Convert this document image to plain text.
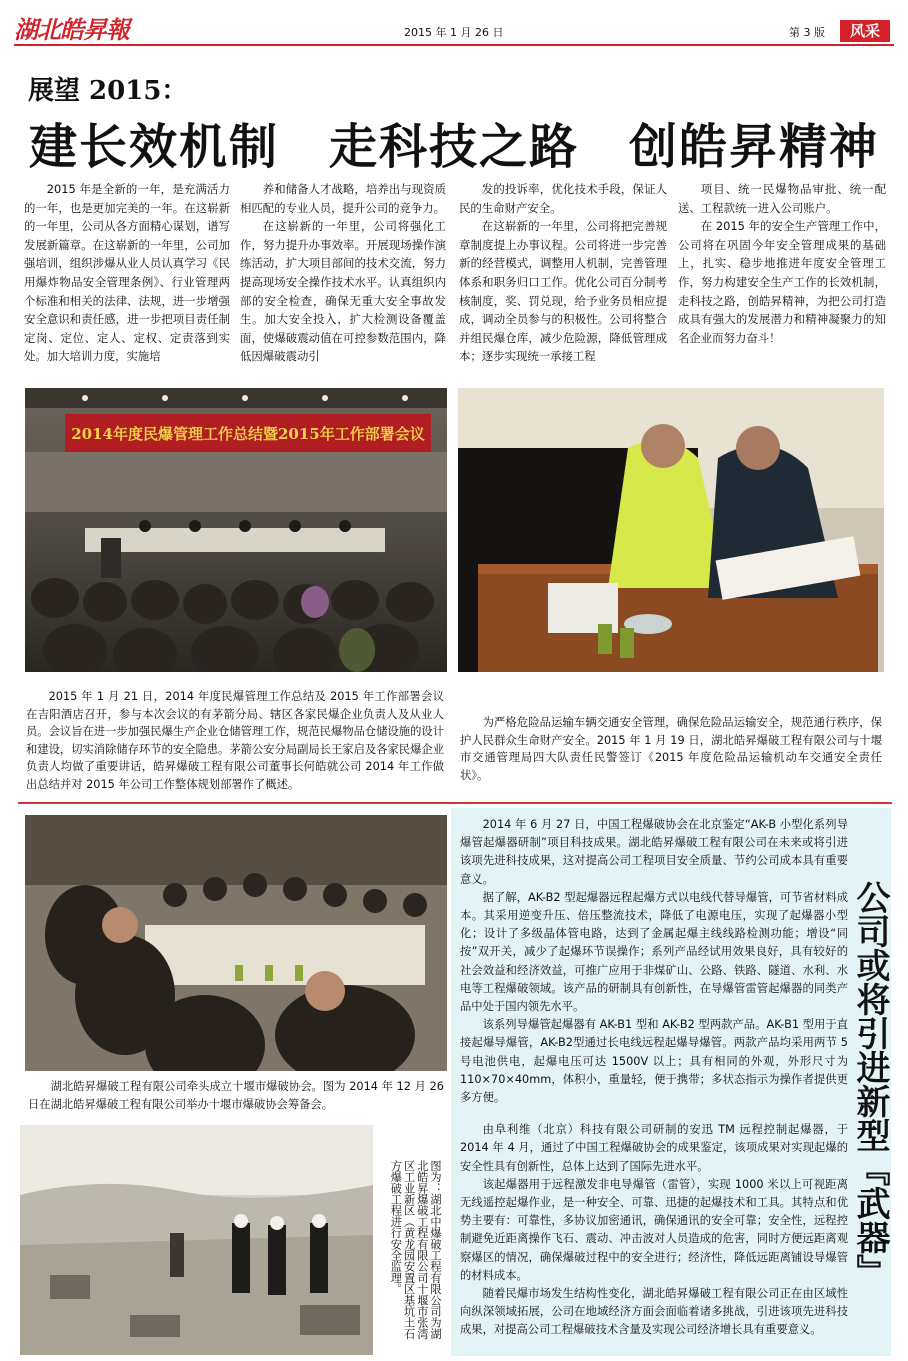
湖北皓昇報	2015 年 1 月 26 日	第 3 版	风采
展望 2015：
建长效机制　走科技之路　创皓昇精神

2015 年是全新的一年，是充满活力的一年，也是更加完美的一年。在这崭新的一年里，公司从各方面精心谋划，谱写发展新篇章。在这崭新的一年里，公司加强培训，组织涉爆从业人员认真学习《民用爆炸物品安全管理条例》、行业管理两个标准和相关的法律、法规，进一步增强安全意识和责任感，进一步把项目责任制定岗、定位、定人、定权、定责落到实处。加大培训力度，实施培

养和储备人才战略，培养出与现资质相匹配的专业人员，提升公司的竞争力。

在这崭新的一年里，公司将强化工作，努力提升办事效率。开展现场操作演练活动，扩大项目部间的技术交流，努力提高现场安全操作技术水平。认真组织内部的安全检查，确保无重大安全事故发生。加大安全投入，扩大检测设备覆盖面，使爆破震动值在可控参数范围内，降低因爆破震动引

发的投诉率，优化技术手段，保证人民的生命财产安全。

在这崭新的一年里，公司将把完善规章制度提上办事议程。公司将进一步完善新的经营模式，调整用人机制，完善管理体系和职务归口工作。优化公司百分制考核制度，奖、罚兑现，给予业务员相应提成，调动全员参与的积极性。公司将整合并组民爆仓库，减少危险源，降低管理成本；逐步实现统一承接工程

项目、统一民爆物品审批、统一配送、工程款统一进入公司账户。

在 2015 年的安全生产管理工作中，公司将在巩固今年安全管理成果的基础上，扎实、稳步地推进年度安全管理工作，努力构建安全生产工作的长效机制，走科技之路，创皓昇精神，为把公司打造成具有强大的发展潜力和精神凝聚力的知名企业而努力奋斗！

2014年度民爆管理工作总结暨2015年工作部署会议

2015 年 1 月 21 日，2014 年度民爆管理工作总结及 2015 年工作部署会议在吉阳酒店召开，参与本次会议的有茅箭分局、辖区各家民爆企业负责人及从业人员。会议旨在进一步加强民爆生产企业仓储管理工作，规范民爆物品仓储设施的设计和建设，切实消除储存环节的安全隐患。茅箭公安分局副局长王家启及各家民爆企业负责人均做了重要讲话，皓昇爆破工程有限公司董事长何皓就公司 2014 年工作做出总结并对 2015 年公司工作整体规划部署作了概述。

为严格危险品运输车辆交通安全管理，确保危险品运输安全，规范通行秩序，保护人民群众生命财产安全。2015 年 1 月 19 日，湖北皓昇爆破工程有限公司与十堰市交通管理局四大队责任民警签订《2015 年度危险品运输机动车交通安全责任状》。

湖北皓昇爆破工程有限公司牵头成立十堰市爆破协会。图为 2014 年 12 月 26 日在湖北皓昇爆破工程有限公司举办十堰市爆破协会筹备会。

图为：湖北中爆破工程有限公司为湖北皓昇爆破工程有限公司十堰市张湾区工业新区（黄龙园安置区基坑土石方爆破工程进行安全监理。

2014 年 6 月 27 日，中国工程爆破协会在北京鉴定“AK-B 小型化系列导爆管起爆器研制”项目科技成果。湖北皓昇爆破工程有限公司在未来或将引进该项先进科技成果，这对提高公司工程项目安全质量、节约公司成本具有重要意义。

据了解，AK-B2 型起爆器远程起爆方式以电线代替导爆管，可节省材料成本。其采用逆变升压、倍压整流技术，降低了电源电压，实现了起爆器小型化；设计了多级晶体管电路，达到了金属起爆主线线路检测功能；增设“同按”双开关，减少了起爆环节误操作；系列产品经试用效果良好，具有较好的社会效益和经济效益，可推广应用于非煤矿山、公路、铁路、隧道、水利、水电等工程爆破领域。该产品的研制具有创新性，在导爆管雷管起爆器的同类产品中处于国内领先水平。

该系列导爆管起爆器有 AK-B1 型和 AK-B2 型两款产品。AK-B1 型用于直接起爆导爆管，AK-B2型通过长电线远程起爆导爆管。两款产品均采用两节 5 号电池供电，起爆电压可达 1500V 以上；具有相同的外观，外形尺寸为 110×70×40mm，体积小，重量轻，便于携带；多状态指示为操作者提供更多方便。

由阜利维（北京）科技有限公司研制的安迅 TM 远程控制起爆器，于 2014 年 4 月，通过了中国工程爆破协会的成果鉴定，该项成果对实现起爆的安全性具有创新性，总体上达到了国际先进水平。

该起爆器用于远程激发非电导爆管（雷管），实现 1000 米以上可视距离无线遥控起爆作业，是一种安全、可靠、迅捷的起爆技术和工具。其特点和优势主要有：可靠性，多协议加密通讯，确保通讯的安全可靠；安全性，远程控制避免近距离操作飞石、震动、冲击波对人员造成的危害，同时方便远距离观察爆区的情况，确保爆破过程中的安全进行；经济性，降低远距离铺设导爆管的材料成本。

随着民爆市场发生结构性变化，湖北皓昇爆破工程有限公司正在由区域性向纵深领域拓展，公司在地域经济方面会面临着诸多挑战，引进该项先进科技成果，对提高公司工程爆破技术含量及实现公司经济增长具有重要意义。

公司或将引进新型『武器』
